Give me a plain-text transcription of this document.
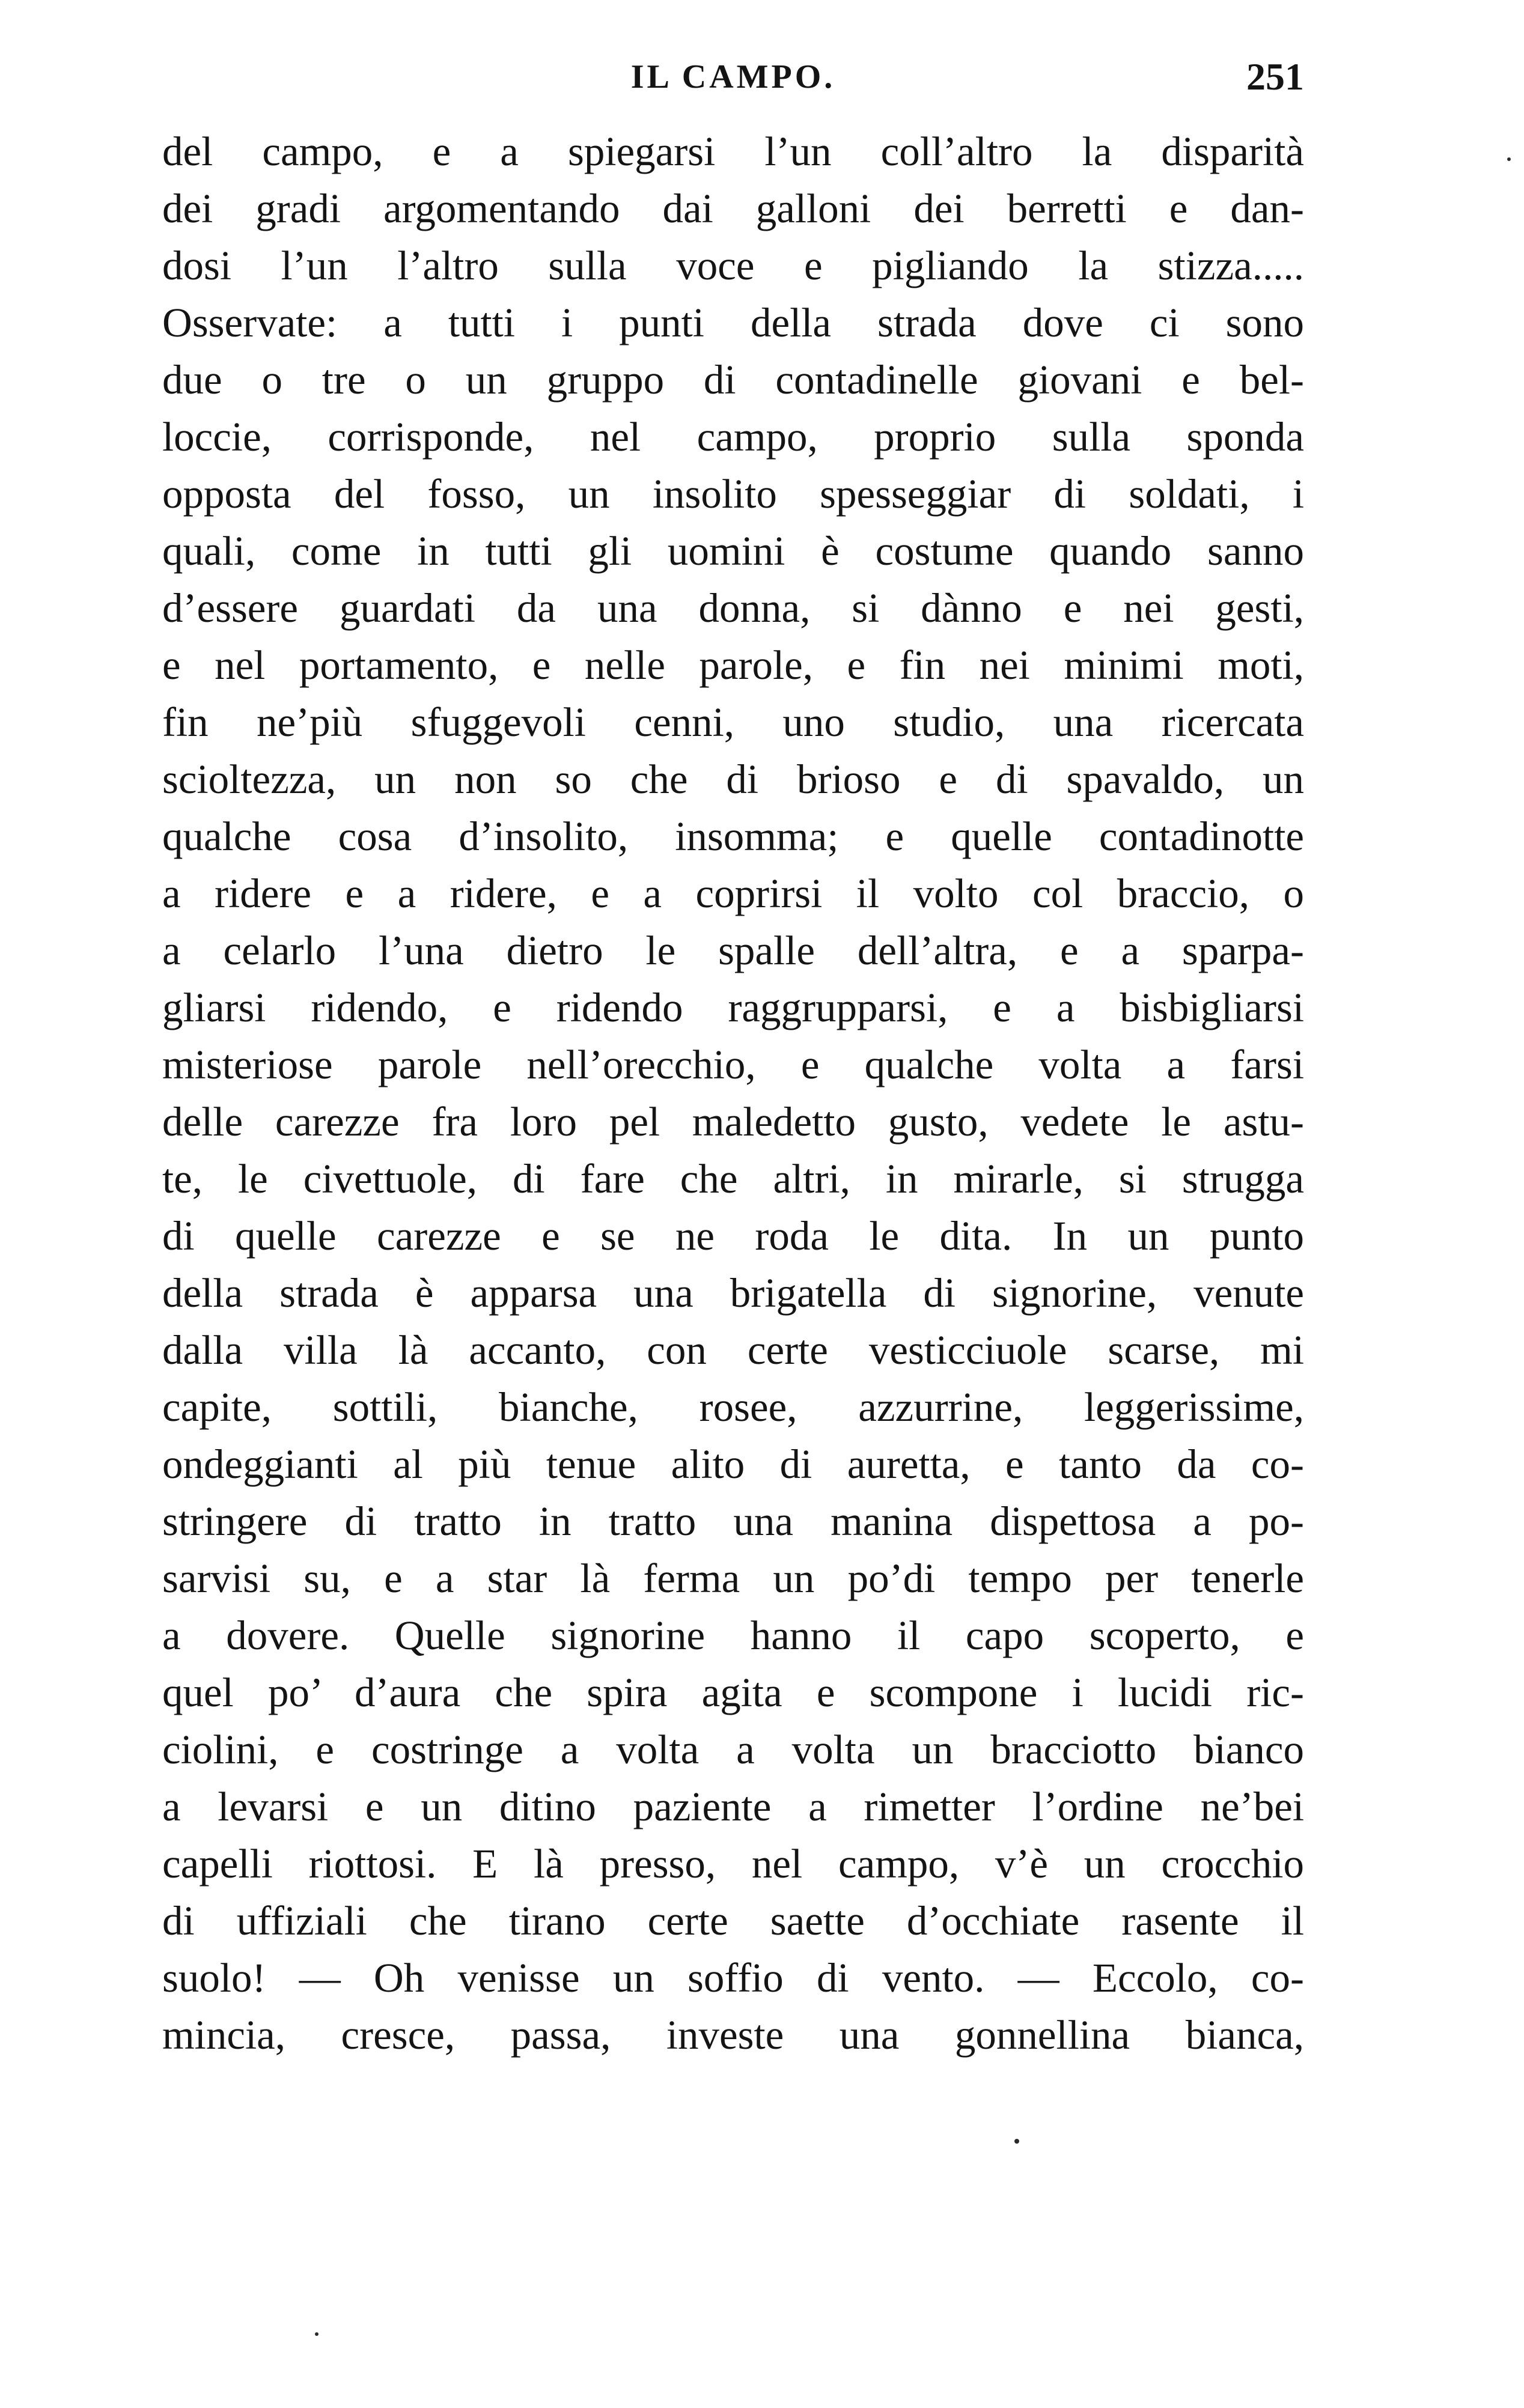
IL CAMPO.	251
del campo, e a spiegarsi l’un coll’altro la disparità
dei gradi argomentando dai galloni dei berretti e dan-
dosi l’un l’altro sulla voce e pigliando la stizza.....
Osservate: a tutti i punti della strada dove ci sono
due o tre o un gruppo di contadinelle giovani e bel-
loccie, corrisponde, nel campo, proprio sulla sponda
opposta del fosso, un insolito spesseggiar di soldati, i
quali, come in tutti gli uomini è costume quando sanno
d’essere guardati da una donna, si dànno e nei gesti,
e nel portamento, e nelle parole, e fin nei minimi moti,
fin ne’più sfuggevoli cenni, uno studio, una ricercata
scioltezza, un non so che di brioso e di spavaldo, un
qualche cosa d’insolito, insomma; e quelle contadinotte
a ridere e a ridere, e a coprirsi il volto col braccio, o
a celarlo l’una dietro le spalle dell’altra, e a sparpa-
gliarsi ridendo, e ridendo raggrupparsi, e a bisbigliarsi
misteriose parole nell’orecchio, e qualche volta a farsi
delle carezze fra loro pel maledetto gusto, vedete le astu-
te, le civettuole, di fare che altri, in mirarle, si strugga
di quelle carezze e se ne roda le dita. In un punto
della strada è apparsa una brigatella di signorine, venute
dalla villa là accanto, con certe vesticciuole scarse, mi
capite, sottili, bianche, rosee, azzurrine, leggerissime,
ondeggianti al più tenue alito di auretta, e tanto da co-
stringere di tratto in tratto una manina dispettosa a po-
sarvisi su, e a star là ferma un po’di tempo per tenerle
a dovere. Quelle signorine hanno il capo scoperto, e
quel po’ d’aura che spira agita e scompone i lucidi ric-
ciolini, e costringe a volta a volta un bracciotto bianco
a levarsi e un ditino paziente a rimetter l’ordine ne’bei
capelli riottosi. E là presso, nel campo, v’è un crocchio
di uffiziali che tirano certe saette d’occhiate rasente il
suolo! — Oh venisse un soffio di vento. — Eccolo, co-
mincia, cresce, passa, investe una gonnellina bianca,
